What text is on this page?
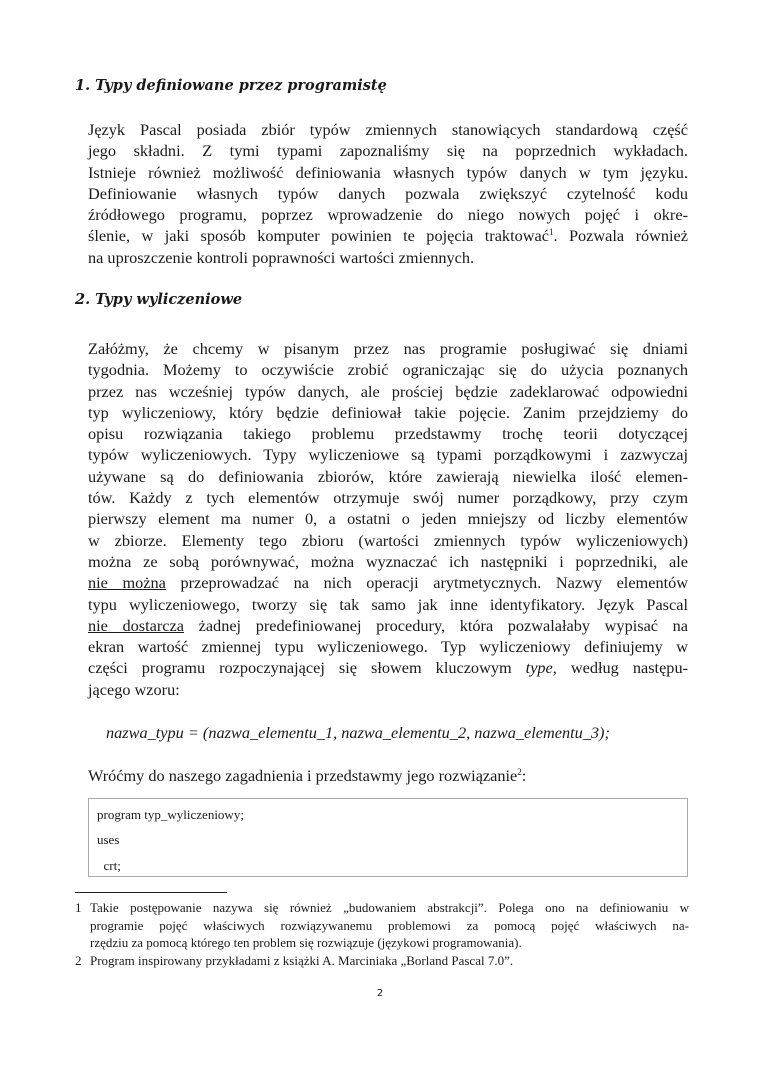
1. Typy definiowane przez programistę
Język Pascal posiada zbiór typów zmiennych stanowiących standardową część
jego składni. Z tymi typami zapoznaliśmy się na poprzednich wykładach.
Istnieje również możliwość definiowania własnych typów danych w tym języku.
Definiowanie własnych typów danych pozwala zwiększyć czytelność kodu
źródłowego programu, poprzez wprowadzenie do niego nowych pojęć i okre-
ślenie, w jaki sposób komputer powinien te pojęcia traktować$^1$. Pozwala również
na uproszczenie kontroli poprawności wartości zmiennych.
2. Typy wyliczeniowe
Załóżmy, że chcemy w pisanym przez nas programie posługiwać się dniami
tygodnia. Możemy to oczywiście zrobić ograniczając się do użycia poznanych
przez nas wcześniej typów danych, ale prościej będzie zadeklarować odpowiedni
typ wyliczeniowy, który będzie definiował takie pojęcie. Zanim przejdziemy do
opisu rozwiązania takiego problemu przedstawmy trochę teorii dotyczącej
typów wyliczeniowych. Typy wyliczeniowe są typami porządkowymi i zazwyczaj
używane są do definiowania zbiorów, które zawierają niewielka ilość elemen-
tów. Każdy z tych elementów otrzymuje swój numer porządkowy, przy czym
pierwszy element ma numer 0, a ostatni o jeden mniejszy od liczby elementów
w zbiorze. Elementy tego zbioru (wartości zmiennych typów wyliczeniowych)
można ze sobą porównywać, można wyznaczać ich następniki i poprzedniki, ale
nie można przeprowadzać na nich operacji arytmetycznych. Nazwy elementów
typu wyliczeniowego, tworzy się tak samo jak inne identyfikatory. Język Pascal
nie dostarcza żadnej predefiniowanej procedury, która pozwalałaby wypisać na
ekran wartość zmiennej typu wyliczeniowego. Typ wyliczeniowy definiujemy w
części programu rozpoczynającej się słowem kluczowym type, według następu-
jącego wzoru:
nazwa_typu = (nazwa_elementu_1, nazwa_elementu_2, nazwa_elementu_3);
Wróćmy do naszego zagadnienia i przedstawmy jego rozwiązanie$^2$:
program typ_wyliczeniowy;
uses
crt;
1 Takie postępowanie nazywa się również „budowaniem abstrakcji”. Polega ono na definiowaniu w
programie pojęć właściwych rozwiązywanemu problemowi za pomocą pojęć właściwych na-
rzędziu za pomocą którego ten problem się rozwiązuje (językowi programowania).
2 Program inspirowany przykładami z książki A. Marciniaka „Borland Pascal 7.0”.
2
